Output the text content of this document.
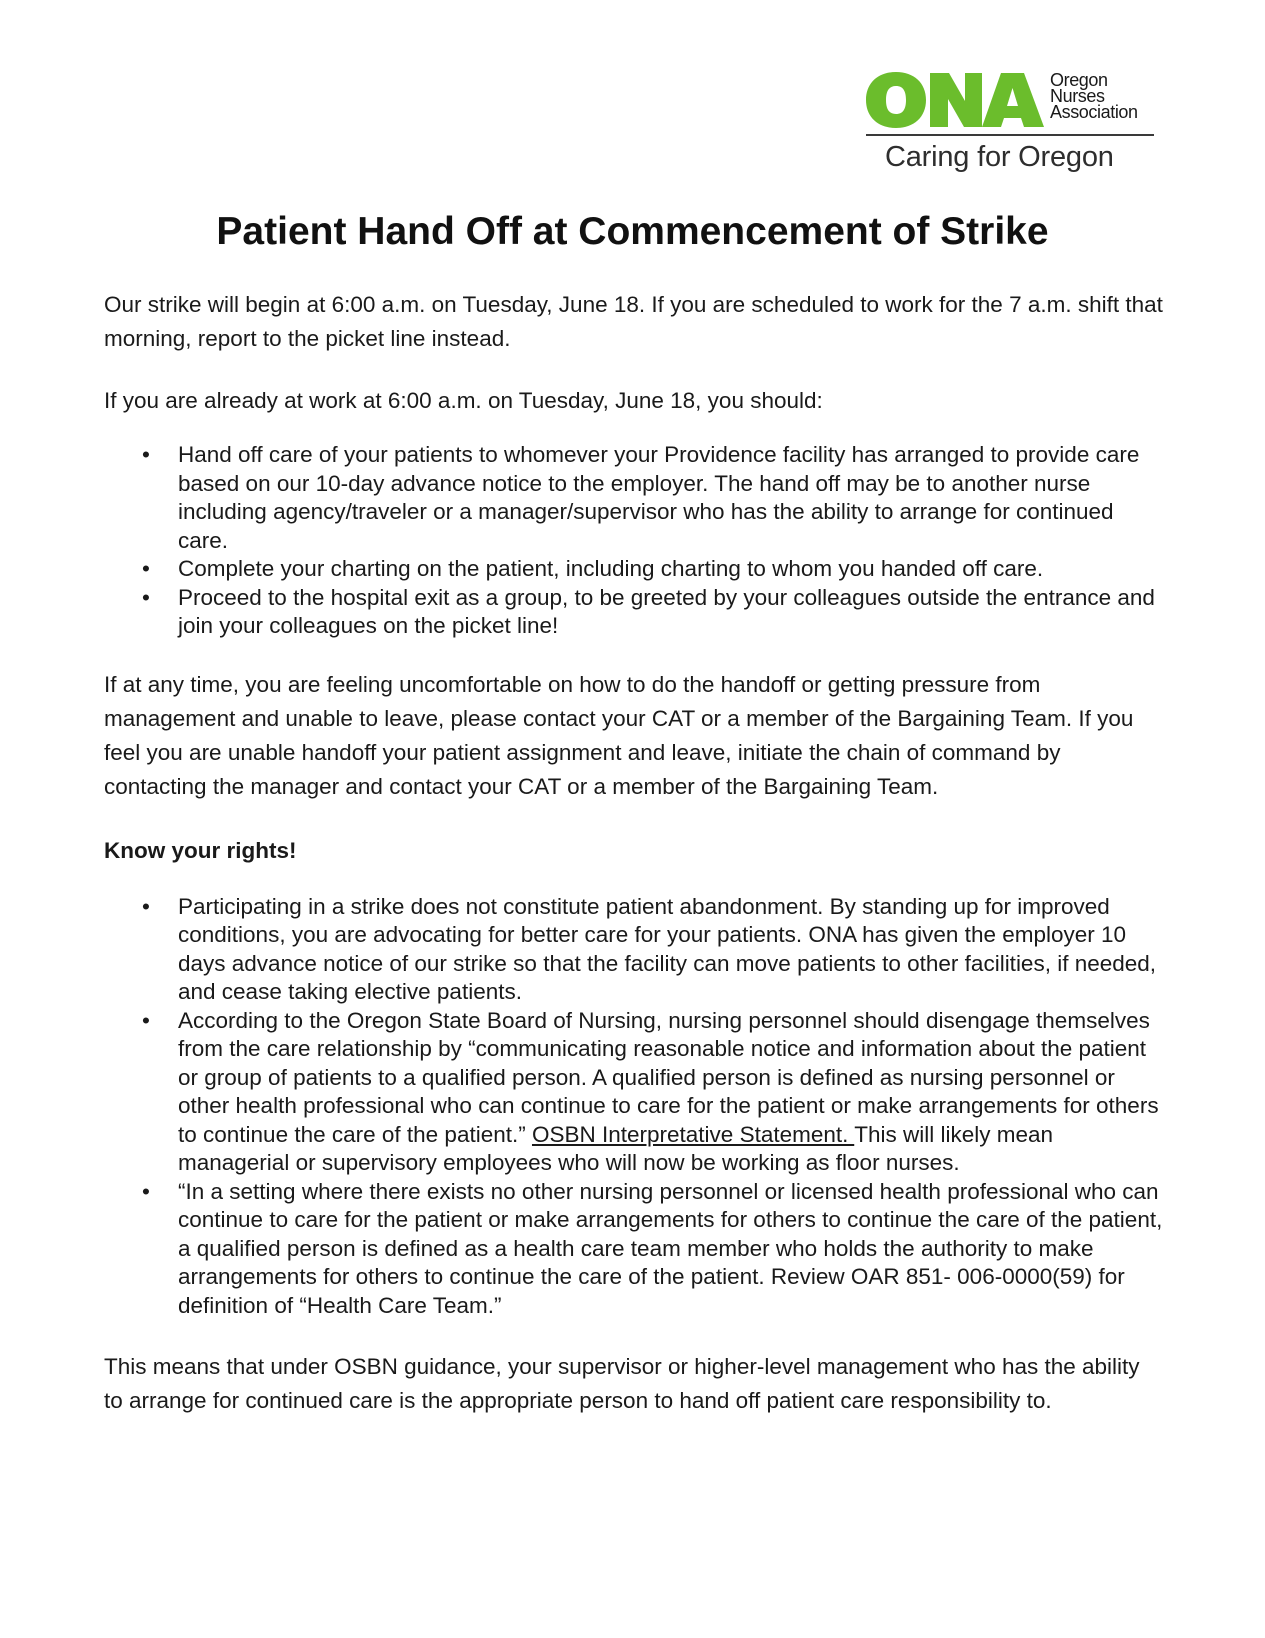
Oregon
Nurses
Association
Caring for Oregon
Patient Hand Off at Commencement of Strike

Our strike will begin at 6:00 a.m. on Tuesday, June 18. If you are scheduled to work for the 7 a.m. shift that morning, report to the picket line instead.

If you are already at work at 6:00 a.m. on Tuesday, June 18, you should:

• Hand off care of your patients to whomever your Providence facility has arranged to provide care based on our 10-day advance notice to the employer. The hand off may be to another nurse including agency/traveler or a manager/supervisor who has the ability to arrange for continued care.
• Complete your charting on the patient, including charting to whom you handed off care.
• Proceed to the hospital exit as a group, to be greeted by your colleagues outside the entrance and join your colleagues on the picket line!

If at any time, you are feeling uncomfortable on how to do the handoff or getting pressure from management and unable to leave, please contact your CAT or a member of the Bargaining Team. If you feel you are unable handoff your patient assignment and leave, initiate the chain of command by contacting the manager and contact your CAT or a member of the Bargaining Team.

Know your rights!

• Participating in a strike does not constitute patient abandonment. By standing up for improved conditions, you are advocating for better care for your patients. ONA has given the employer 10 days advance notice of our strike so that the facility can move patients to other facilities, if needed, and cease taking elective patients.
• According to the Oregon State Board of Nursing, nursing personnel should disengage themselves from the care relationship by “communicating reasonable notice and information about the patient or group of patients to a qualified person. A qualified person is defined as nursing personnel or other health professional who can continue to care for the patient or make arrangements for others to continue the care of the patient.” OSBN Interpretative Statement. This will likely mean managerial or supervisory employees who will now be working as floor nurses.
• “In a setting where there exists no other nursing personnel or licensed health professional who can continue to care for the patient or make arrangements for others to continue the care of the patient, a qualified person is defined as a health care team member who holds the authority to make arrangements for others to continue the care of the patient. Review OAR 851- 006-0000(59) for definition of “Health Care Team.”

This means that under OSBN guidance, your supervisor or higher-level management who has the ability to arrange for continued care is the appropriate person to hand off patient care responsibility to.
